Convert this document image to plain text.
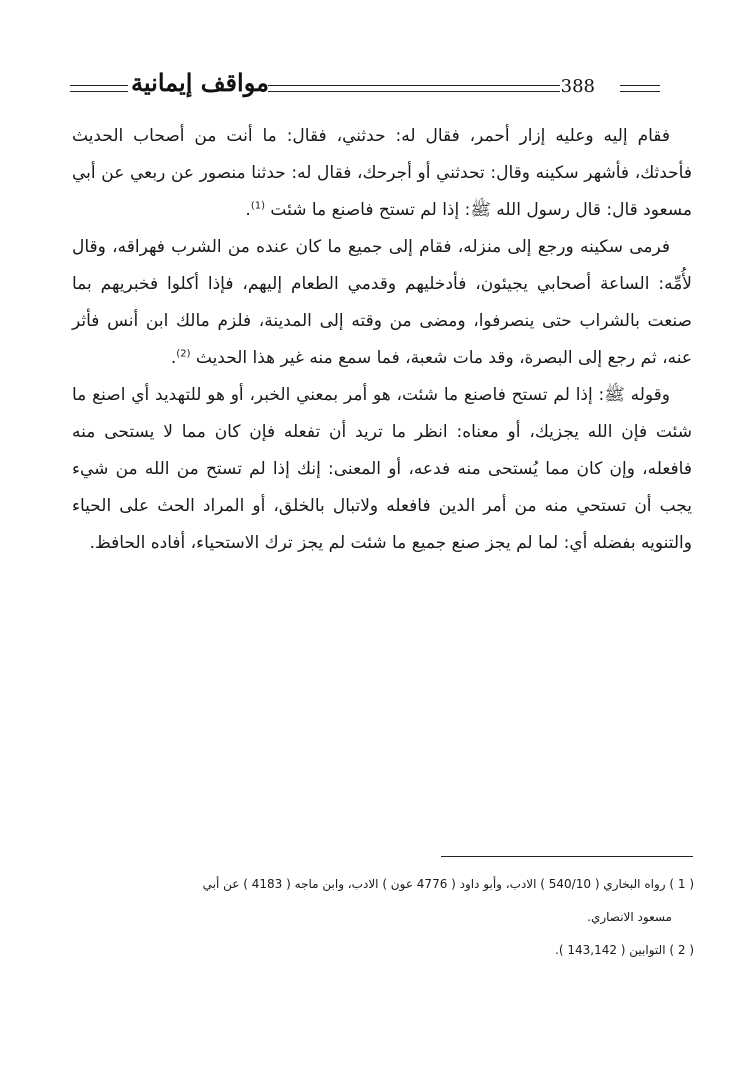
مواقف إيمانية	388

فقام إليه وعليه إزار أحمر، فقال له: حدثني، فقال: ما أنت من أصحاب الحديث فأحدثك، فأشهر سكينه وقال: تحدثني أو أجرحك، فقال له: حدثنا منصور عن ربعي عن أبي مسعود قال: قال رسول الله ﷺ: إذا لم تستح فاصنع ما شئت $^{(1)}$.

فرمى سكينه ورجع إلى منزله، فقام إلى جميع ما كان عنده من الشرب فهراقه، وقال لأُمِّه: الساعة أصحابي يجيئون، فأدخليهم وقدمي الطعام إليهم، فإذا أكلوا فخبريهم بما صنعت بالشراب حتى ينصرفوا، ومضى من وقته إلى المدينة، فلزم مالك ابن أنس فأثر عنه، ثم رجع إلى البصرة، وقد مات شعبة، فما سمع منه غير هذا الحديث $^{(2)}$.

وقوله ﷺ: إذا لم تستح فاصنع ما شئت، هو أمر بمعني الخبر، أو هو للتهديد أي اصنع ما شئت فإن الله يجزيك، أو معناه: انظر ما تريد أن تفعله فإن كان مما لا يستحى منه فافعله، وإن كان مما يُستحى منه فدعه، أو المعنى: إنك إذا لم تستح من الله من شيء يجب أن تستحي منه من أمر الدين فافعله ولاتبال بالخلق، أو المراد الحث على الحياء والتنويه بفضله أي: لما لم يجز صنع جميع ما شئت لم يجز ترك الاستحياء، أفاده الحافظ.

( 1 ) رواه البخاري ( 540/10 ) الادب، وأبو داود ( 4776 عون ) الادب، وابن ماجه ( 4183 ) عن أبي

مسعود الانصاري.

( 2 ) التوابين ( 143,142 ).
